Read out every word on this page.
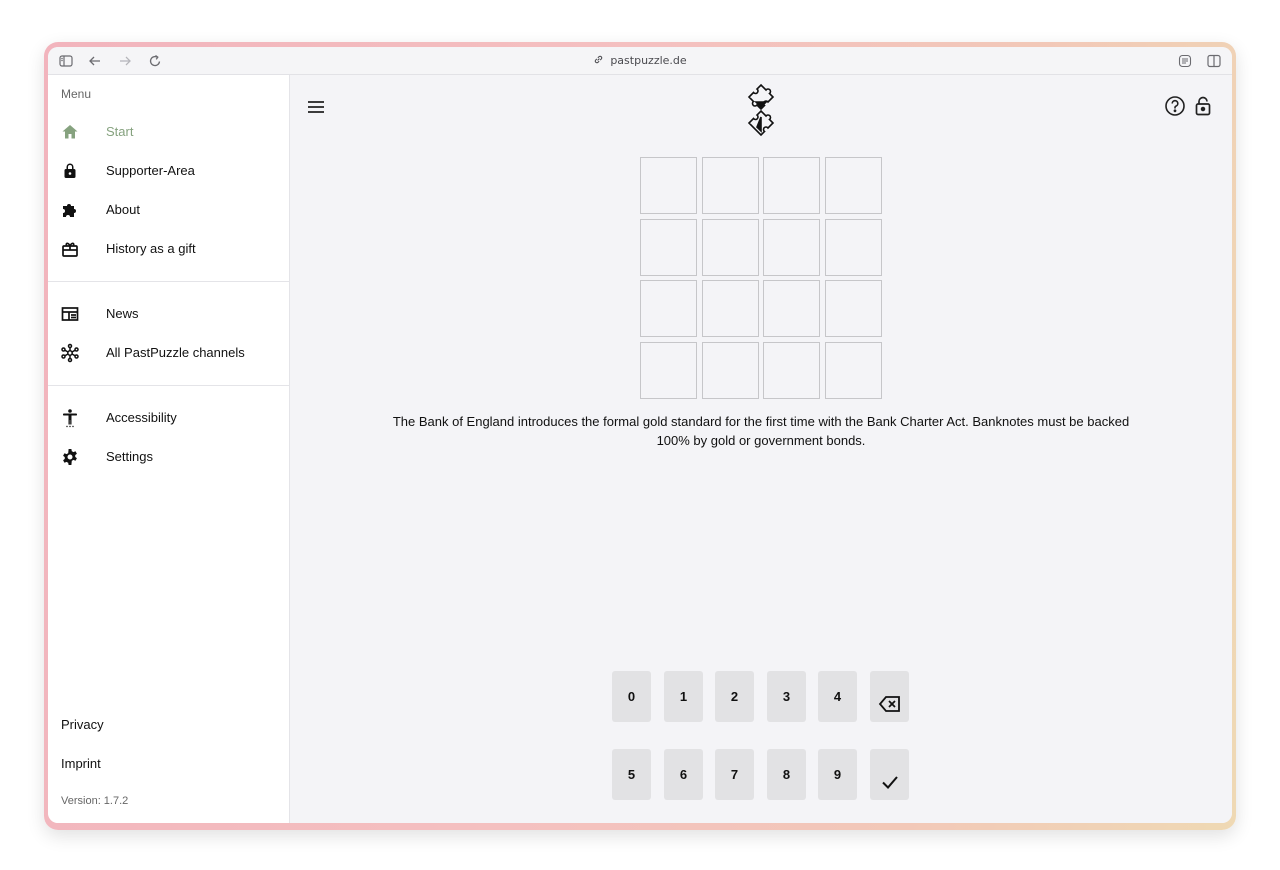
pastpuzzle.de
Menu
Start
Supporter-Area
About
History as a gift
News
All PastPuzzle channels
Accessibility
Settings
Privacy
Imprint
Version: 1.7.2
The Bank of England introduces the formal gold standard for the first time with the Bank Charter Act. Banknotes must be backed 100% by gold or government bonds.
0	1	2	3	4
5	6	7	8	9
